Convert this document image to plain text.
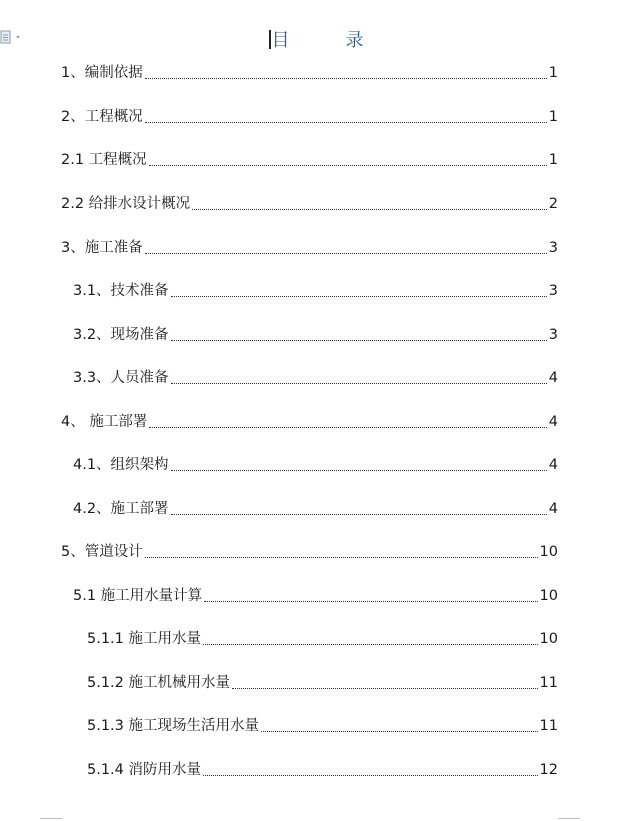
目	录
1、编制依据	1
2、工程概况	1
2.1 工程概况	1
2.2 给排水设计概况	2
3、施工准备	3
3.1、技术准备	3
3.2、现场准备	3
3.3、人员准备	4
4、 施工部署	4
4.1、组织架构	4
4.2、施工部署	4
5、管道设计	10
5.1 施工用水量计算	10
5.1.1 施工用水量	10
5.1.2 施工机械用水量	11
5.1.3 施工现场生活用水量	11
5.1.4 消防用水量	12
